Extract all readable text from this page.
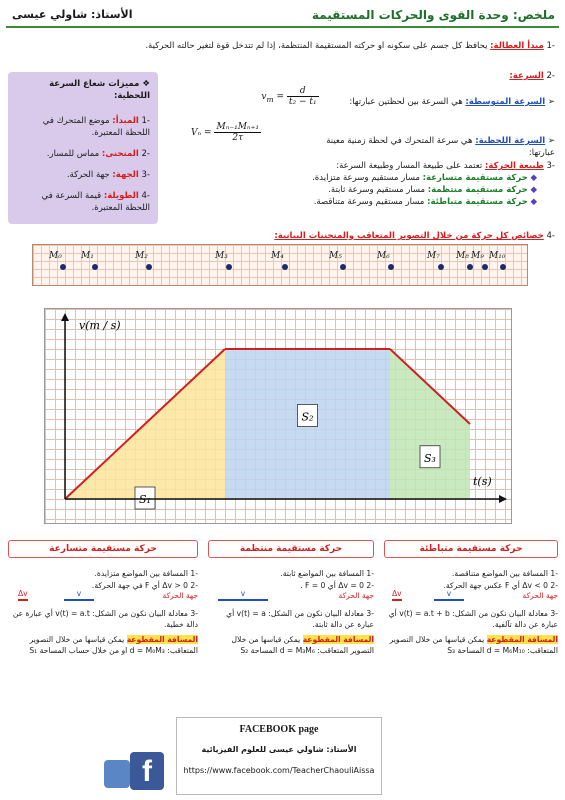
ملخص: وحدة القوى والحركات المستقيمة
الأستاذ: شاولي عيسى
-1 مبدأ العطالة: يحافظ كل جسم على سكونه او حركته المستقيمة المنتظمة، إذا لم تتدخل قوة لتغير حالته الحركية.
❖ مميزات شعاع السرعة اللحظية:
-1 المبدأ: موضع المتحرك في اللحظة المعتبرة.
-2 المنحنى: مماس للمسار.
-3 الجهة: جهة الحركة.
-4 الطويلة: قيمة السرعة في اللحظة المعتبرة.
-2 السرعة:
➢ السرعة المتوسطة: هي السرعة بين لحظتين عبارتها:
$v_m = \frac{d}{\text{t₂ − t₁}}$
➢ السرعة اللحظية: هي سرعة المتحرك في لحظة زمنية معينة عبارتها:
$V_n = \frac{\text{Mₙ₋₁Mₙ₊₁}}{2\tau}$
-3 طبيعة الحركة: تعتمد على طبيعة المسار وطبيعة السرعة:
◆ حركة مستقيمة متسارعة: مسار مستقيم وسرعة متزايدة.
◆ حركة مستقيمة منتظمة: مسار مستقيم وسرعة ثابتة.
◆ حركة مستقيمة متباطئة: مسار مستقيم وسرعة متناقصة.
-4 خصائص كل حركة من خلال التصوير المتعاقب والمنحنيات البيانية:
M₀ M₁	M₂	M₃	M₄	M₅	M₆	M₇ M₈ M₉ M₁₀
S₁
S₂
S₃
v(m / s)
t(s)
حركة مستقيمة متباطئة

-1 المسافة بين المواضع متناقصة.

-2 Δv < 0 أي F عكس جهة الحركة.

جهة الحركة
Δv	v

-3 معادلة البيان تكون من الشكل: v(t) = a.t + b أي عبارة عن دالة تآلفية.

المسافة المقطوعة يمكن قياسها من خلال التصوير المتعاقب: d = M₆M₁₀ المساحة S₃

حركة مستقيمة منتظمة

-1 المسافة بين المواضع ثابتة.

-2 Δv = 0 أي F = 0 .

جهة الحركة
v

-3 معادلة البيان تكون من الشكل: v(t) = a أي عبارة عن دالة ثابتة.

المسافة المقطوعة يمكن قياسها من خلال التصوير المتعاقب: d = M₃M₆ المساحة S₂

حركة مستقيمة متسارعة

-1 المسافة بين المواضع متزايدة.

-2 Δv > 0 أي F في جهة الحركة.

جهة الحركة
Δv	v

-3 معادلة البيان تكون من الشكل: v(t) = a.t أي عبارة عن دالة خطية.

المسافة المقطوعة يمكن قياسها من خلال التصوير المتعاقب: d = M₀M₃ او من خلال حساب المساحة S₁

f
FACEBOOK page
الأستاذ: شاولي عيسى للعلوم الفيزيائية
https://www.facebook.com/TeacherChaouliAissa
